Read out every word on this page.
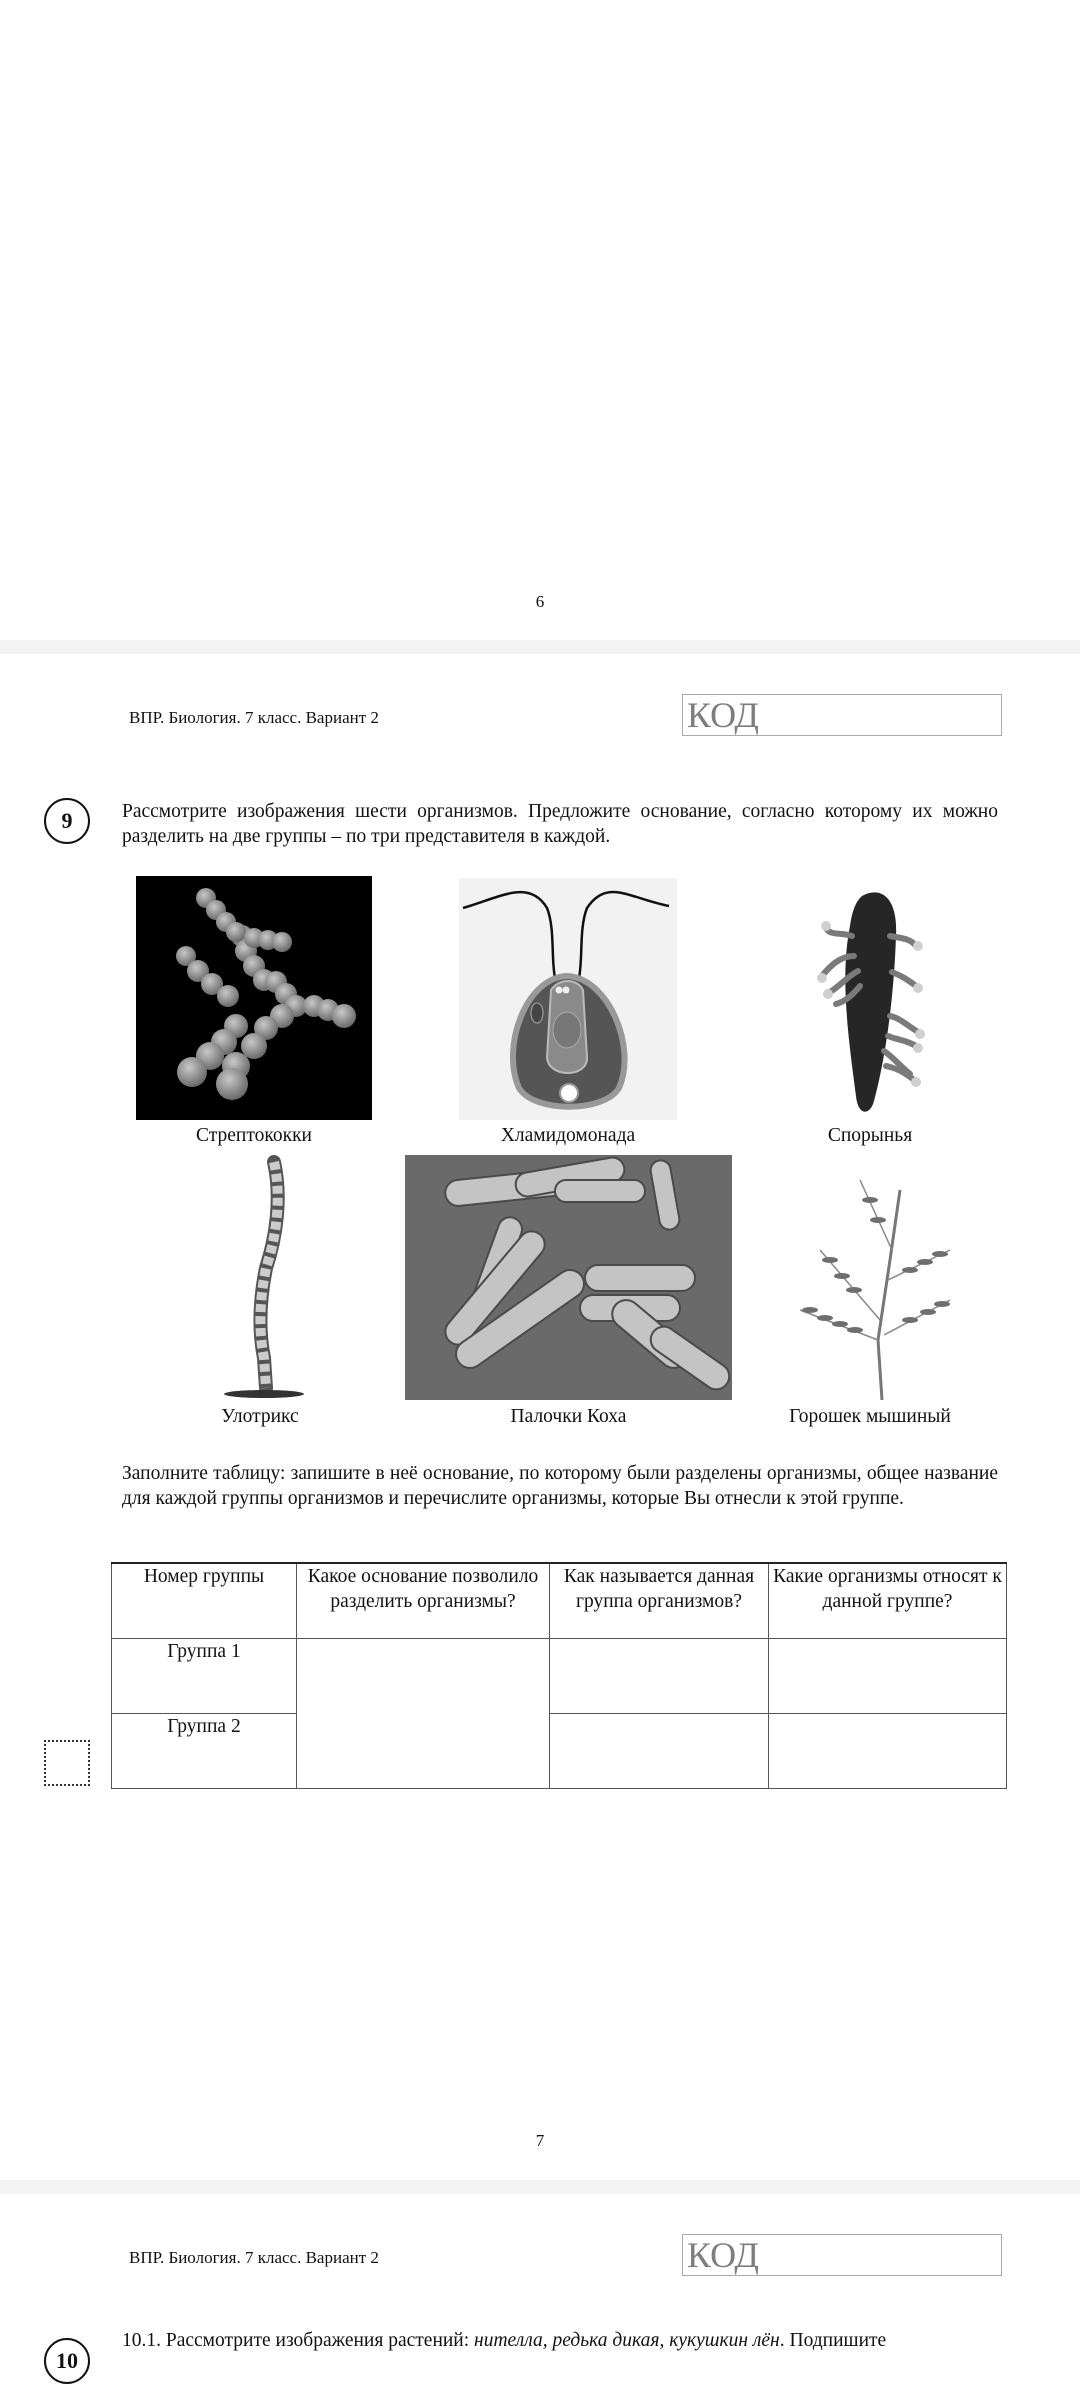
6
ВПР. Биология. 7 класс. Вариант 2	КОД
9	Рассмотрите изображения шести организмов. Предложите основание, согласно которому их можно разделить на две группы – по три представителя в каждой.
Стрептококки	Хламидомонада	Спорынья
Улотрикс	Палочки Коха	Горошек мышиный
Заполните таблицу: запишите в неё основание, по которому были разделены организмы, общее название для каждой группы организмов и перечислите организмы, которые Вы отнесли к этой группе.
Номер группы	Какое основание позволило разделить организмы?	Как называется данная группа организмов?	Какие организмы относят к данной группе?
Группа 1			
Группа 2			
7
ВПР. Биология. 7 класс. Вариант 2	КОД
10
10.1. Рассмотрите изображения растений: нителла, редька дикая, кукушкин лён. Подпишите
